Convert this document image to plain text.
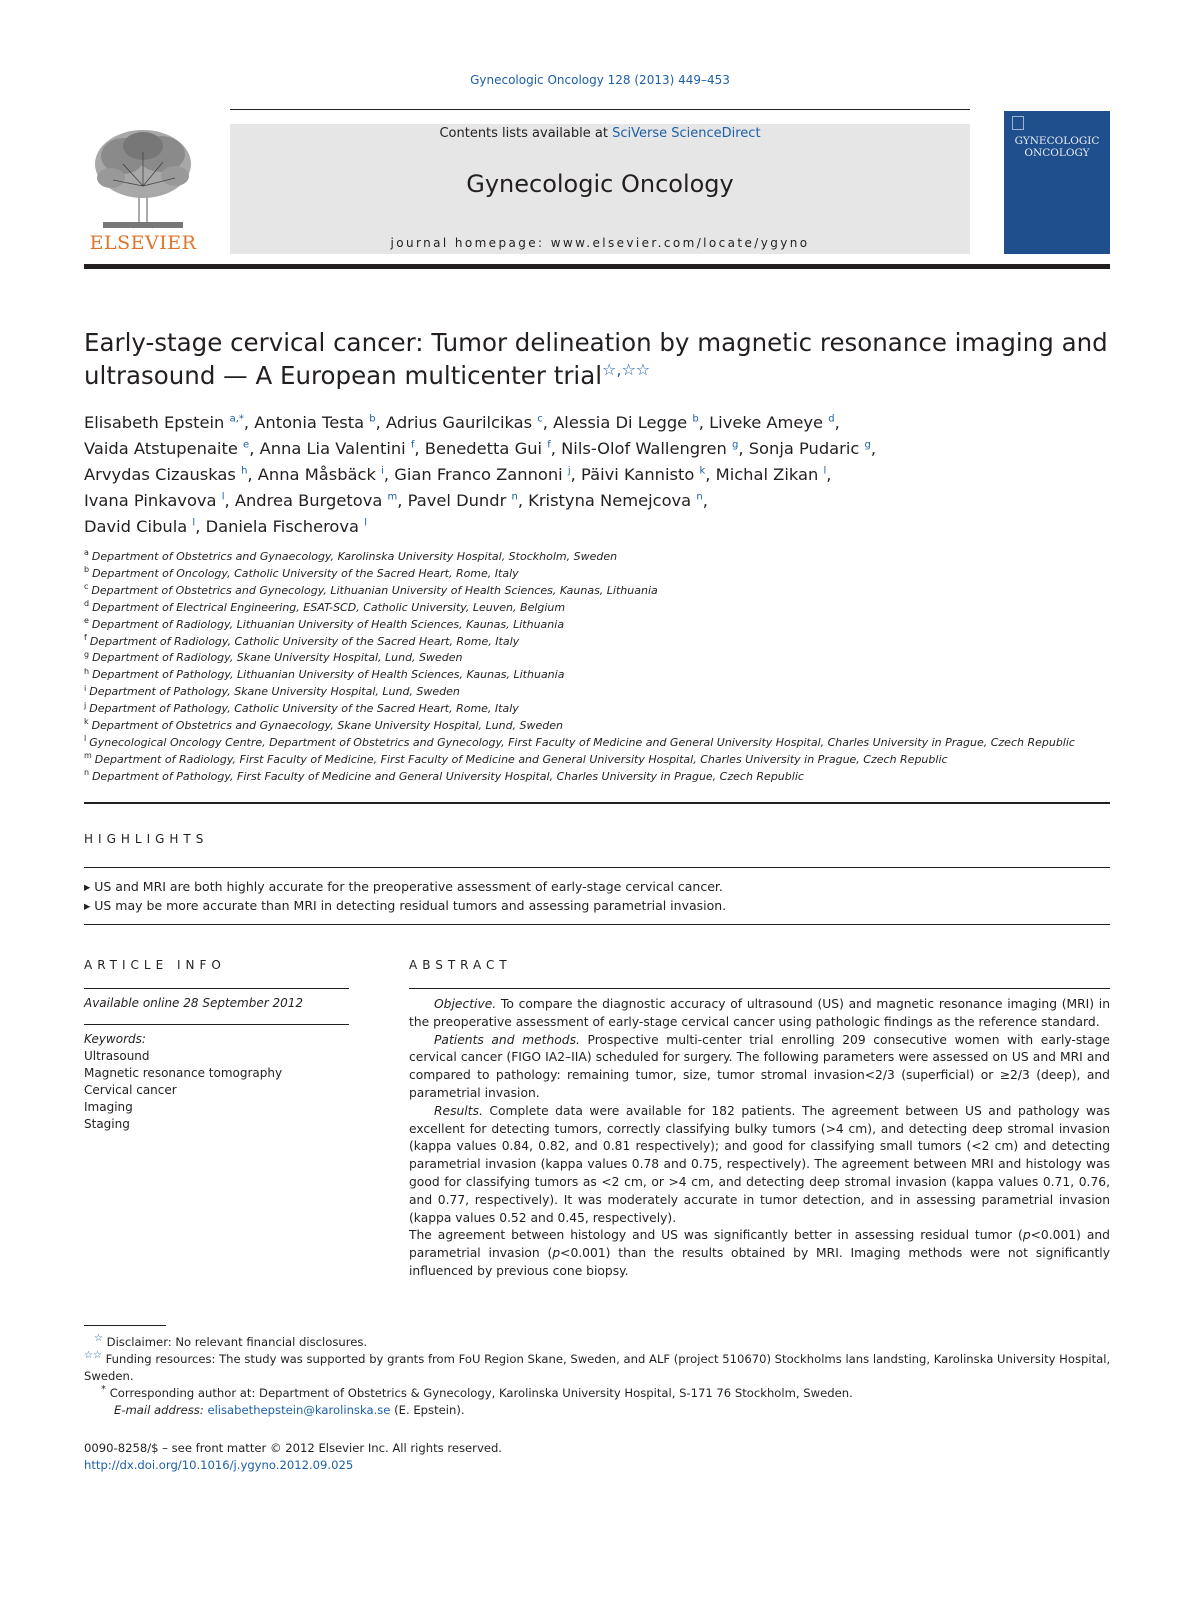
Gynecologic Oncology 128 (2013) 449–453
ELSEVIER
Contents lists available at SciVerse ScienceDirect
Gynecologic Oncology
journal homepage: www.elsevier.com/locate/ygyno
GYNECOLOGIC ONCOLOGY
Early-stage cervical cancer: Tumor delineation by magnetic resonance imaging and ultrasound — A European multicenter trial☆,☆☆
Elisabeth Epstein $^{a,*}$, Antonia Testa $^b$, Adrius Gaurilcikas $^c$, Alessia Di Legge $^b$, Liveke Ameye $^d$,
Vaida Atstupenaite $^e$, Anna Lia Valentini $^f$, Benedetta Gui $^f$, Nils-Olof Wallengren $^g$, Sonja Pudaric $^g$,
Arvydas Cizauskas $^h$, Anna Måsbäck $^i$, Gian Franco Zannoni $^j$, Päivi Kannisto $^k$, Michal Zikan $^l$,
Ivana Pinkavova $^l$, Andrea Burgetova $^m$, Pavel Dundr $^n$, Kristyna Nemejcova $^n$,
David Cibula $^l$, Daniela Fischerova $^l$
$^a$ Department of Obstetrics and Gynaecology, Karolinska University Hospital, Stockholm, Sweden
$^b$ Department of Oncology, Catholic University of the Sacred Heart, Rome, Italy
$^c$ Department of Obstetrics and Gynecology, Lithuanian University of Health Sciences, Kaunas, Lithuania
$^d$ Department of Electrical Engineering, ESAT-SCD, Catholic University, Leuven, Belgium
$^e$ Department of Radiology, Lithuanian University of Health Sciences, Kaunas, Lithuania
$^f$ Department of Radiology, Catholic University of the Sacred Heart, Rome, Italy
$^g$ Department of Radiology, Skane University Hospital, Lund, Sweden
$^h$ Department of Pathology, Lithuanian University of Health Sciences, Kaunas, Lithuania
$^i$ Department of Pathology, Skane University Hospital, Lund, Sweden
$^j$ Department of Pathology, Catholic University of the Sacred Heart, Rome, Italy
$^k$ Department of Obstetrics and Gynaecology, Skane University Hospital, Lund, Sweden
$^l$ Gynecological Oncology Centre, Department of Obstetrics and Gynecology, First Faculty of Medicine and General University Hospital, Charles University in Prague, Czech Republic
$^m$ Department of Radiology, First Faculty of Medicine, First Faculty of Medicine and General University Hospital, Charles University in Prague, Czech Republic
$^n$ Department of Pathology, First Faculty of Medicine and General University Hospital, Charles University in Prague, Czech Republic
HIGHLIGHTS
▸ US and MRI are both highly accurate for the preoperative assessment of early-stage cervical cancer.
▸ US may be more accurate than MRI in detecting residual tumors and assessing parametrial invasion.
ARTICLE INFO
Available online 28 September 2012
Keywords:
Ultrasound
Magnetic resonance tomography
Cervical cancer
Imaging
Staging
ABSTRACT

Objective. To compare the diagnostic accuracy of ultrasound (US) and magnetic resonance imaging (MRI) in the preoperative assessment of early-stage cervical cancer using pathologic findings as the reference standard.

Patients and methods. Prospective multi-center trial enrolling 209 consecutive women with early-stage cervical cancer (FIGO IA2–IIA) scheduled for surgery. The following parameters were assessed on US and MRI and compared to pathology: remaining tumor, size, tumor stromal invasion<2/3 (superficial) or ≥2/3 (deep), and parametrial invasion.

Results. Complete data were available for 182 patients. The agreement between US and pathology was excellent for detecting tumors, correctly classifying bulky tumors (>4 cm), and detecting deep stromal invasion (kappa values 0.84, 0.82, and 0.81 respectively); and good for classifying small tumors (<2 cm) and detecting parametrial invasion (kappa values 0.78 and 0.75, respectively). The agreement between MRI and histology was good for classifying tumors as <2 cm, or >4 cm, and detecting deep stromal invasion (kappa values 0.71, 0.76, and 0.77, respectively). It was moderately accurate in tumor detection, and in assessing parametrial invasion (kappa values 0.52 and 0.45, respectively).

The agreement between histology and US was significantly better in assessing residual tumor (p<0.001) and parametrial invasion (p<0.001) than the results obtained by MRI. Imaging methods were not significantly influenced by previous cone biopsy.

☆ Disclaimer: No relevant financial disclosures.

☆☆ Funding resources: The study was supported by grants from FoU Region Skane, Sweden, and ALF (project 510670) Stockholms lans landsting, Karolinska University Hospital, Sweden.

* Corresponding author at: Department of Obstetrics & Gynecology, Karolinska University Hospital, S-171 76 Stockholm, Sweden.

E-mail address: elisabethepstein@karolinska.se (E. Epstein).

0090-8258/$ – see front matter © 2012 Elsevier Inc. All rights reserved.
http://dx.doi.org/10.1016/j.ygyno.2012.09.025
